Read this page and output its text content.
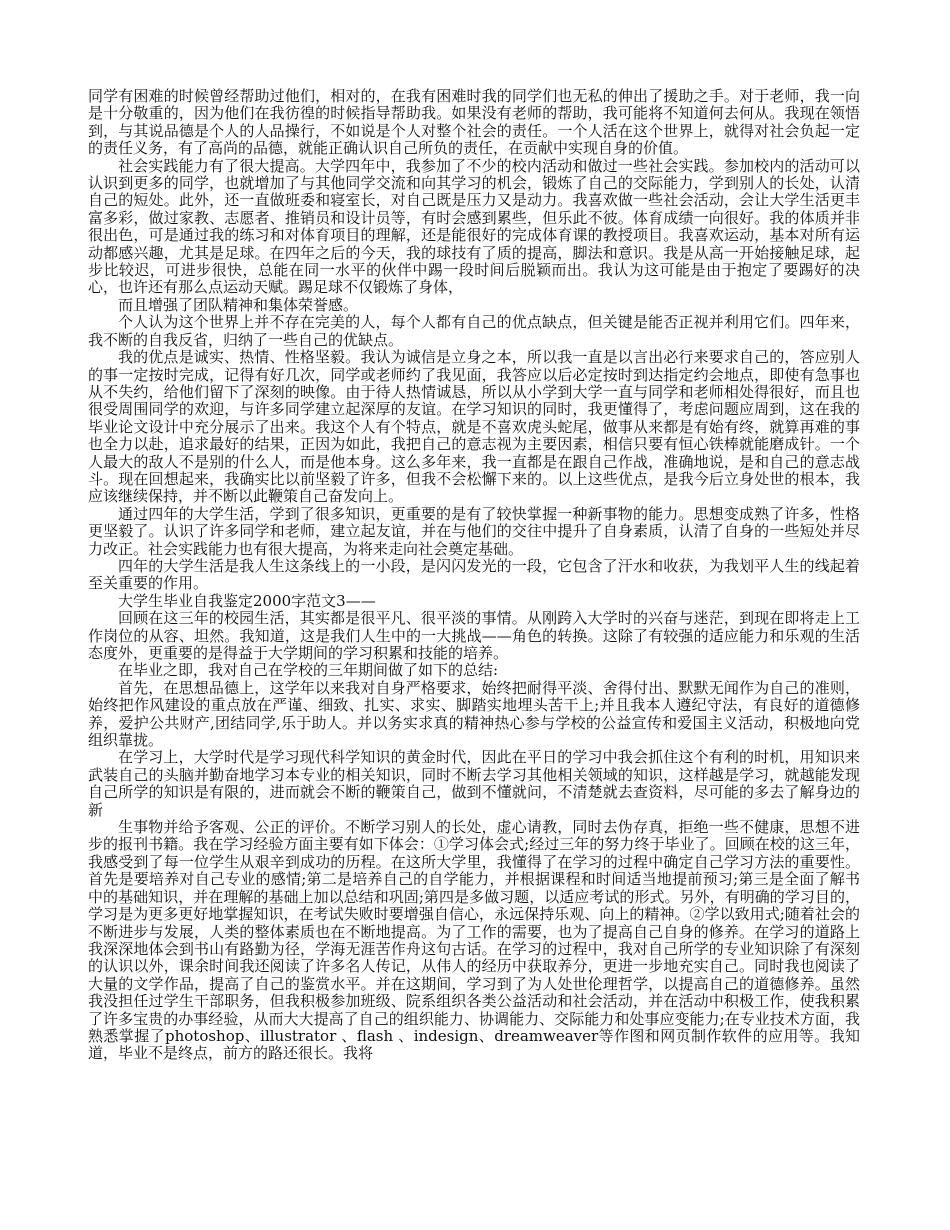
同学有困难的时候曾经帮助过他们，相对的，在我有困难时我的同学们也无私的伸出了援助之手。对于老师，我一向是十分敬重的，因为他们在我彷徨的时候指导帮助我。如果没有老师的帮助，我可能将不知道何去何从。我现在领悟到，与其说品德是个人的人品操行，不如说是个人对整个社会的责任。一个人活在这个世界上，就得对社会负起一定的责任义务，有了高尚的品德，就能正确认识自己所负的责任，在贡献中实现自身的价值。

社会实践能力有了很大提高。大学四年中，我参加了不少的校内活动和做过一些社会实践。参加校内的活动可以认识到更多的同学，也就增加了与其他同学交流和向其学习的机会，锻炼了自己的交际能力，学到别人的长处，认清自己的短处。此外，还一直做班委和寝室长，对自己既是压力又是动力。我喜欢做一些社会活动，会让大学生活更丰富多彩，做过家教、志愿者、推销员和设计员等，有时会感到累些，但乐此不彼。体育成绩一向很好。我的体质并非很出色，可是通过我的练习和对体育项目的理解，还是能很好的完成体育课的教授项目。我喜欢运动，基本对所有运动都感兴趣，尤其是足球。在四年之后的今天，我的球技有了质的提高，脚法和意识。我是从高一开始接触足球，起步比较迟，可进步很快，总能在同一水平的伙伴中踢一段时间后脱颖而出。我认为这可能是由于抱定了要踢好的决心，也许还有那么点运动天赋。踢足球不仅锻炼了身体，

而且增强了团队精神和集体荣誉感。

个人认为这个世界上并不存在完美的人，每个人都有自己的优点缺点，但关键是能否正视并利用它们。四年来，我不断的自我反省，归纳了一些自己的优缺点。

我的优点是诚实、热情、性格坚毅。我认为诚信是立身之本，所以我一直是以言出必行来要求自己的，答应别人的事一定按时完成，记得有好几次，同学或老师约了我见面，我答应以后必定按时到达指定约会地点，即使有急事也从不失约，给他们留下了深刻的映像。由于待人热情诚恳，所以从小学到大学一直与同学和老师相处得很好，而且也很受周围同学的欢迎，与许多同学建立起深厚的友谊。在学习知识的同时，我更懂得了，考虑问题应周到，这在我的毕业论文设计中充分展示了出来。我这个人有个特点，就是不喜欢虎头蛇尾，做事从来都是有始有终，就算再难的事也全力以赴，追求最好的结果，正因为如此，我把自己的意志视为主要因素，相信只要有恒心铁棒就能磨成针。一个人最大的敌人不是别的什么人，而是他本身。这么多年来，我一直都是在跟自己作战，准确地说，是和自己的意志战斗。现在回想起来，我确实比以前坚毅了许多，但我不会松懈下来的。以上这些优点，是我今后立身处世的根本，我应该继续保持，并不断以此鞭策自己奋发向上。

通过四年的大学生活，学到了很多知识，更重要的是有了较快掌握一种新事物的能力。思想变成熟了许多，性格更坚毅了。认识了许多同学和老师，建立起友谊，并在与他们的交往中提升了自身素质，认清了自身的一些短处并尽力改正。社会实践能力也有很大提高，为将来走向社会奠定基础。

四年的大学生活是我人生这条线上的一小段，是闪闪发光的一段，它包含了汗水和收获，为我划平人生的线起着至关重要的作用。

大学生毕业自我鉴定2000字范文3——

回顾在这三年的校园生活，其实都是很平凡、很平淡的事情。从刚跨入大学时的兴奋与迷茫，到现在即将走上工作岗位的从容、坦然。我知道，这是我们人生中的一大挑战——角色的转换。这除了有较强的适应能力和乐观的生活态度外，更重要的是得益于大学期间的学习积累和技能的培养。

在毕业之即，我对自己在学校的三年期间做了如下的总结:

首先，在思想品德上，这学年以来我对自身严格要求，始终把耐得平淡、舍得付出、默默无闻作为自己的准则，始终把作风建设的重点放在严谨、细致、扎实、求实、脚踏实地埋头苦干上;并且我本人遵纪守法，有良好的道德修养，爱护公共财产,团结同学,乐于助人。并以务实求真的精神热心参与学校的公益宣传和爱国主义活动，积极地向党组织靠拢。

在学习上，大学时代是学习现代科学知识的黄金时代，因此在平日的学习中我会抓住这个有利的时机，用知识来武装自己的头脑并勤奋地学习本专业的相关知识，同时不断去学习其他相关领域的知识，这样越是学习，就越能发现自己所学的知识是有限的，进而就会不断的鞭策自己，做到不懂就问，不清楚就去查资料，尽可能的多去了解身边的新

生事物并给予客观、公正的评价。不断学习别人的长处，虚心请教，同时去伪存真，拒绝一些不健康，思想不进步的报刊书籍。我在学习经验方面主要有如下体会：①学习体会式;经过三年的努力终于毕业了。回顾在校的这三年，我感受到了每一位学生从艰辛到成功的历程。在这所大学里，我懂得了在学习的过程中确定自己学习方法的重要性。首先是要培养对自己专业的感情;第二是培养自己的自学能力，并根据课程和时间适当地提前预习;第三是全面了解书中的基础知识，并在理解的基础上加以总结和巩固;第四是多做习题，以适应考试的形式。另外，有明确的学习目的，学习是为更多更好地掌握知识，在考试失败时要增强自信心，永远保持乐观、向上的精神。②学以致用式;随着社会的不断进步与发展，人类的整体素质也在不断地提高。为了工作的需要，也为了提高自己自身的修养。在学习的道路上我深深地体会到书山有路勤为径，学海无涯苦作舟这句古话。在学习的过程中，我对自己所学的专业知识除了有深刻的认识以外，课余时间我还阅读了许多名人传记，从伟人的经历中获取养分，更进一步地充实自己。同时我也阅读了大量的文学作品，提高了自己的鉴赏水平。并在这期间，学习到了为人处世伦理哲学，以提高自己的道德修养。虽然我没担任过学生干部职务，但我积极参加班级、院系组织各类公益活动和社会活动，并在活动中积极工作，使我积累了许多宝贵的办事经验，从而大大提高了自己的组织能力、协调能力、交际能力和处事应变能力;在专业技术方面，我熟悉掌握了photoshop、illustrator 、flash 、indesign、dreamweaver等作图和网页制作软件的应用等。我知道，毕业不是终点，前方的路还很长。我将
